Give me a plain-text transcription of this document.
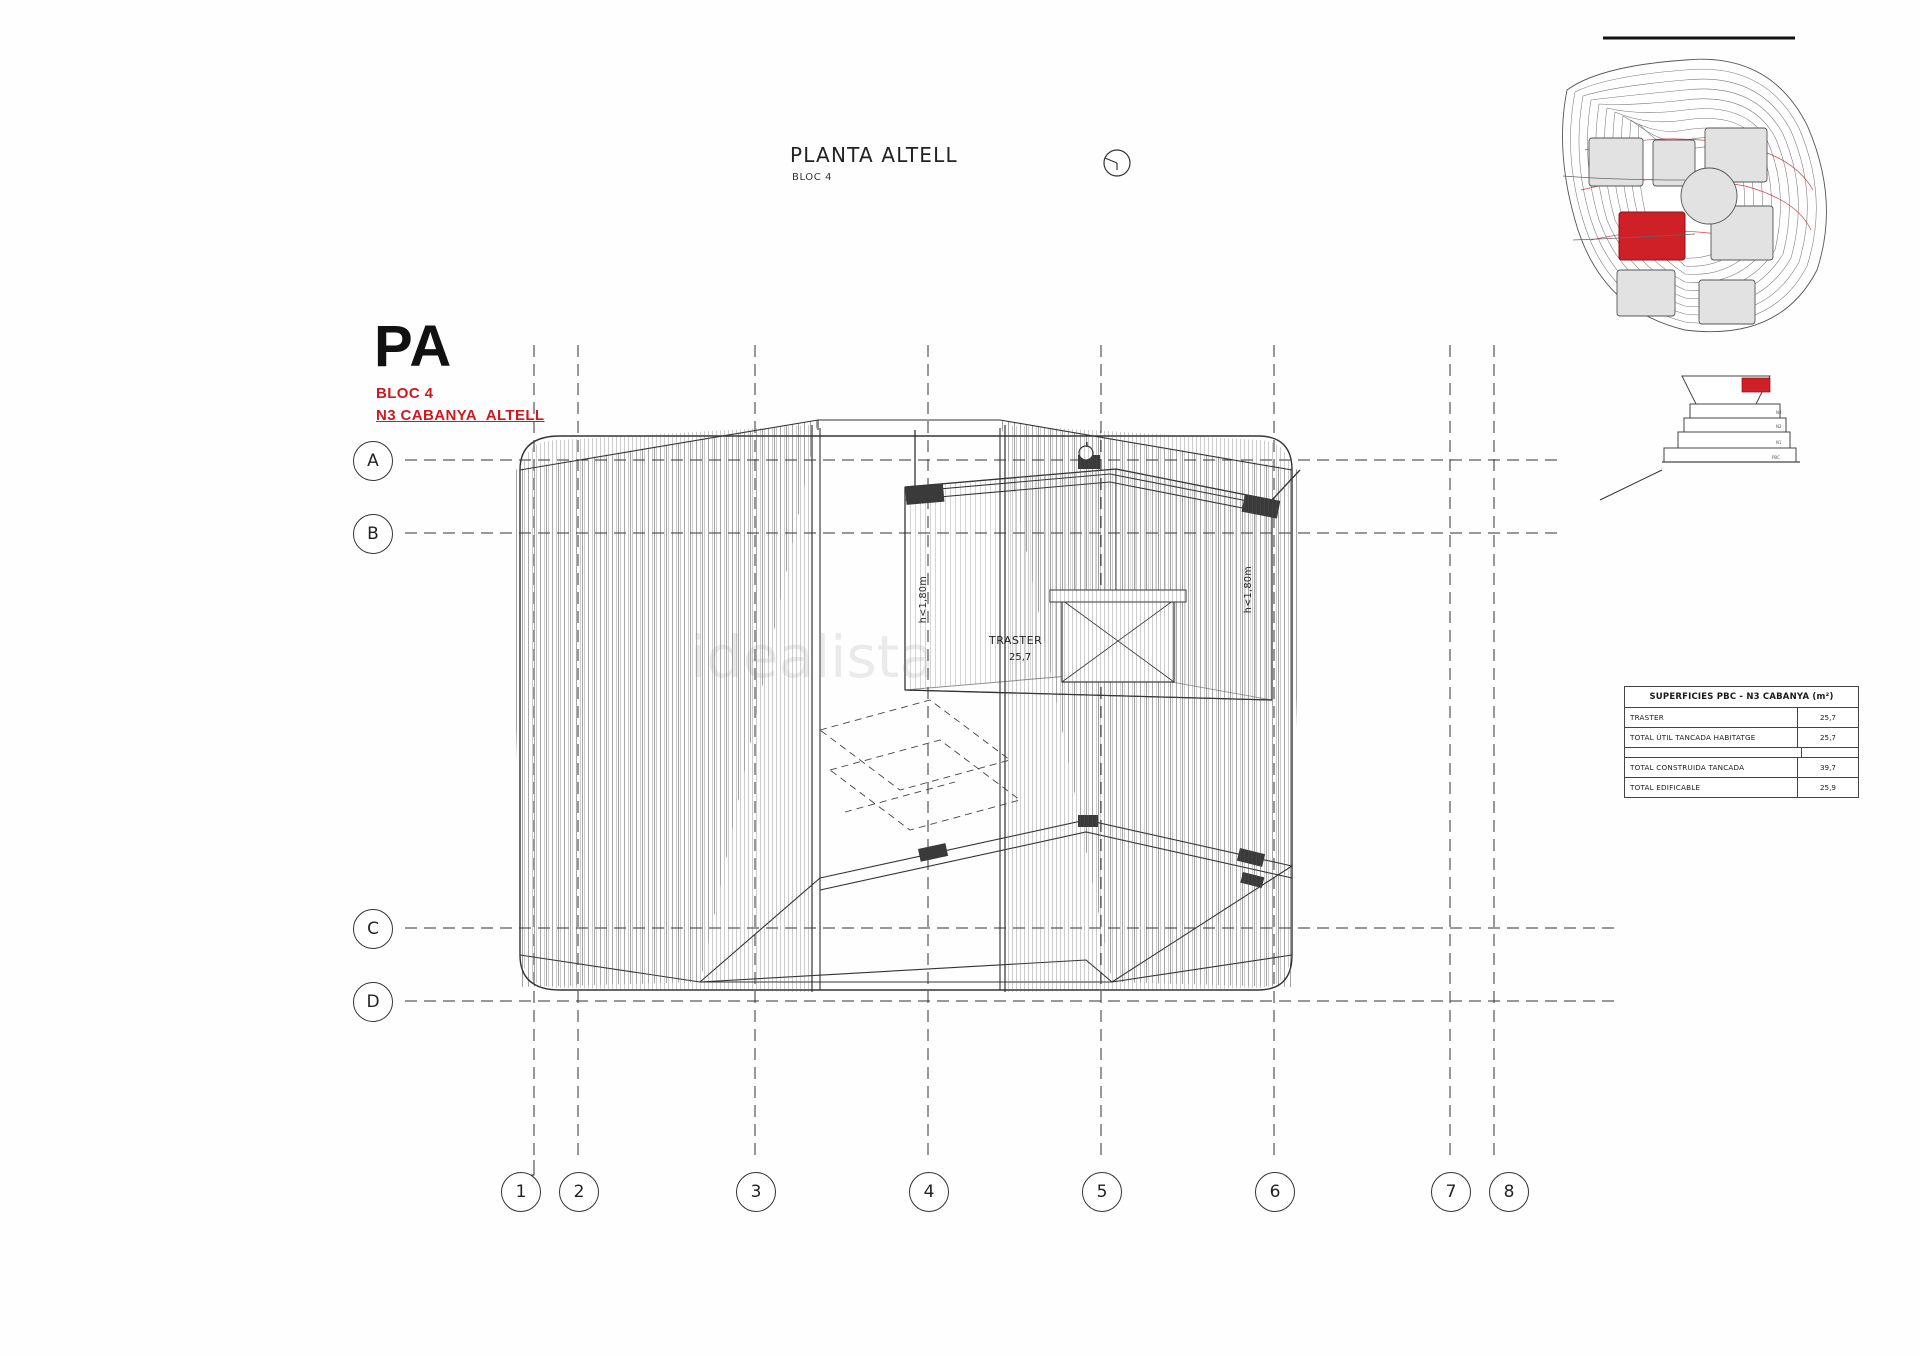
PLANTA ALTELL
BLOC 4
PA
BLOC 4
N3 CABANYA_ALTELL
A
B
C
D
1	2	3	4	5	6	7	8
TRASTER
25,7
h<1,80m	h<1,80m
SUPERFICIES PBC - N3 CABANYA (m²)
TRASTER	25,7
TOTAL ÚTIL TANCADA HABITATGE	25,7
TOTAL CONSTRUIDA TANCADA	39,7
TOTAL EDIFICABLE	25,9
N3
N2
N1
PBC
idealista
